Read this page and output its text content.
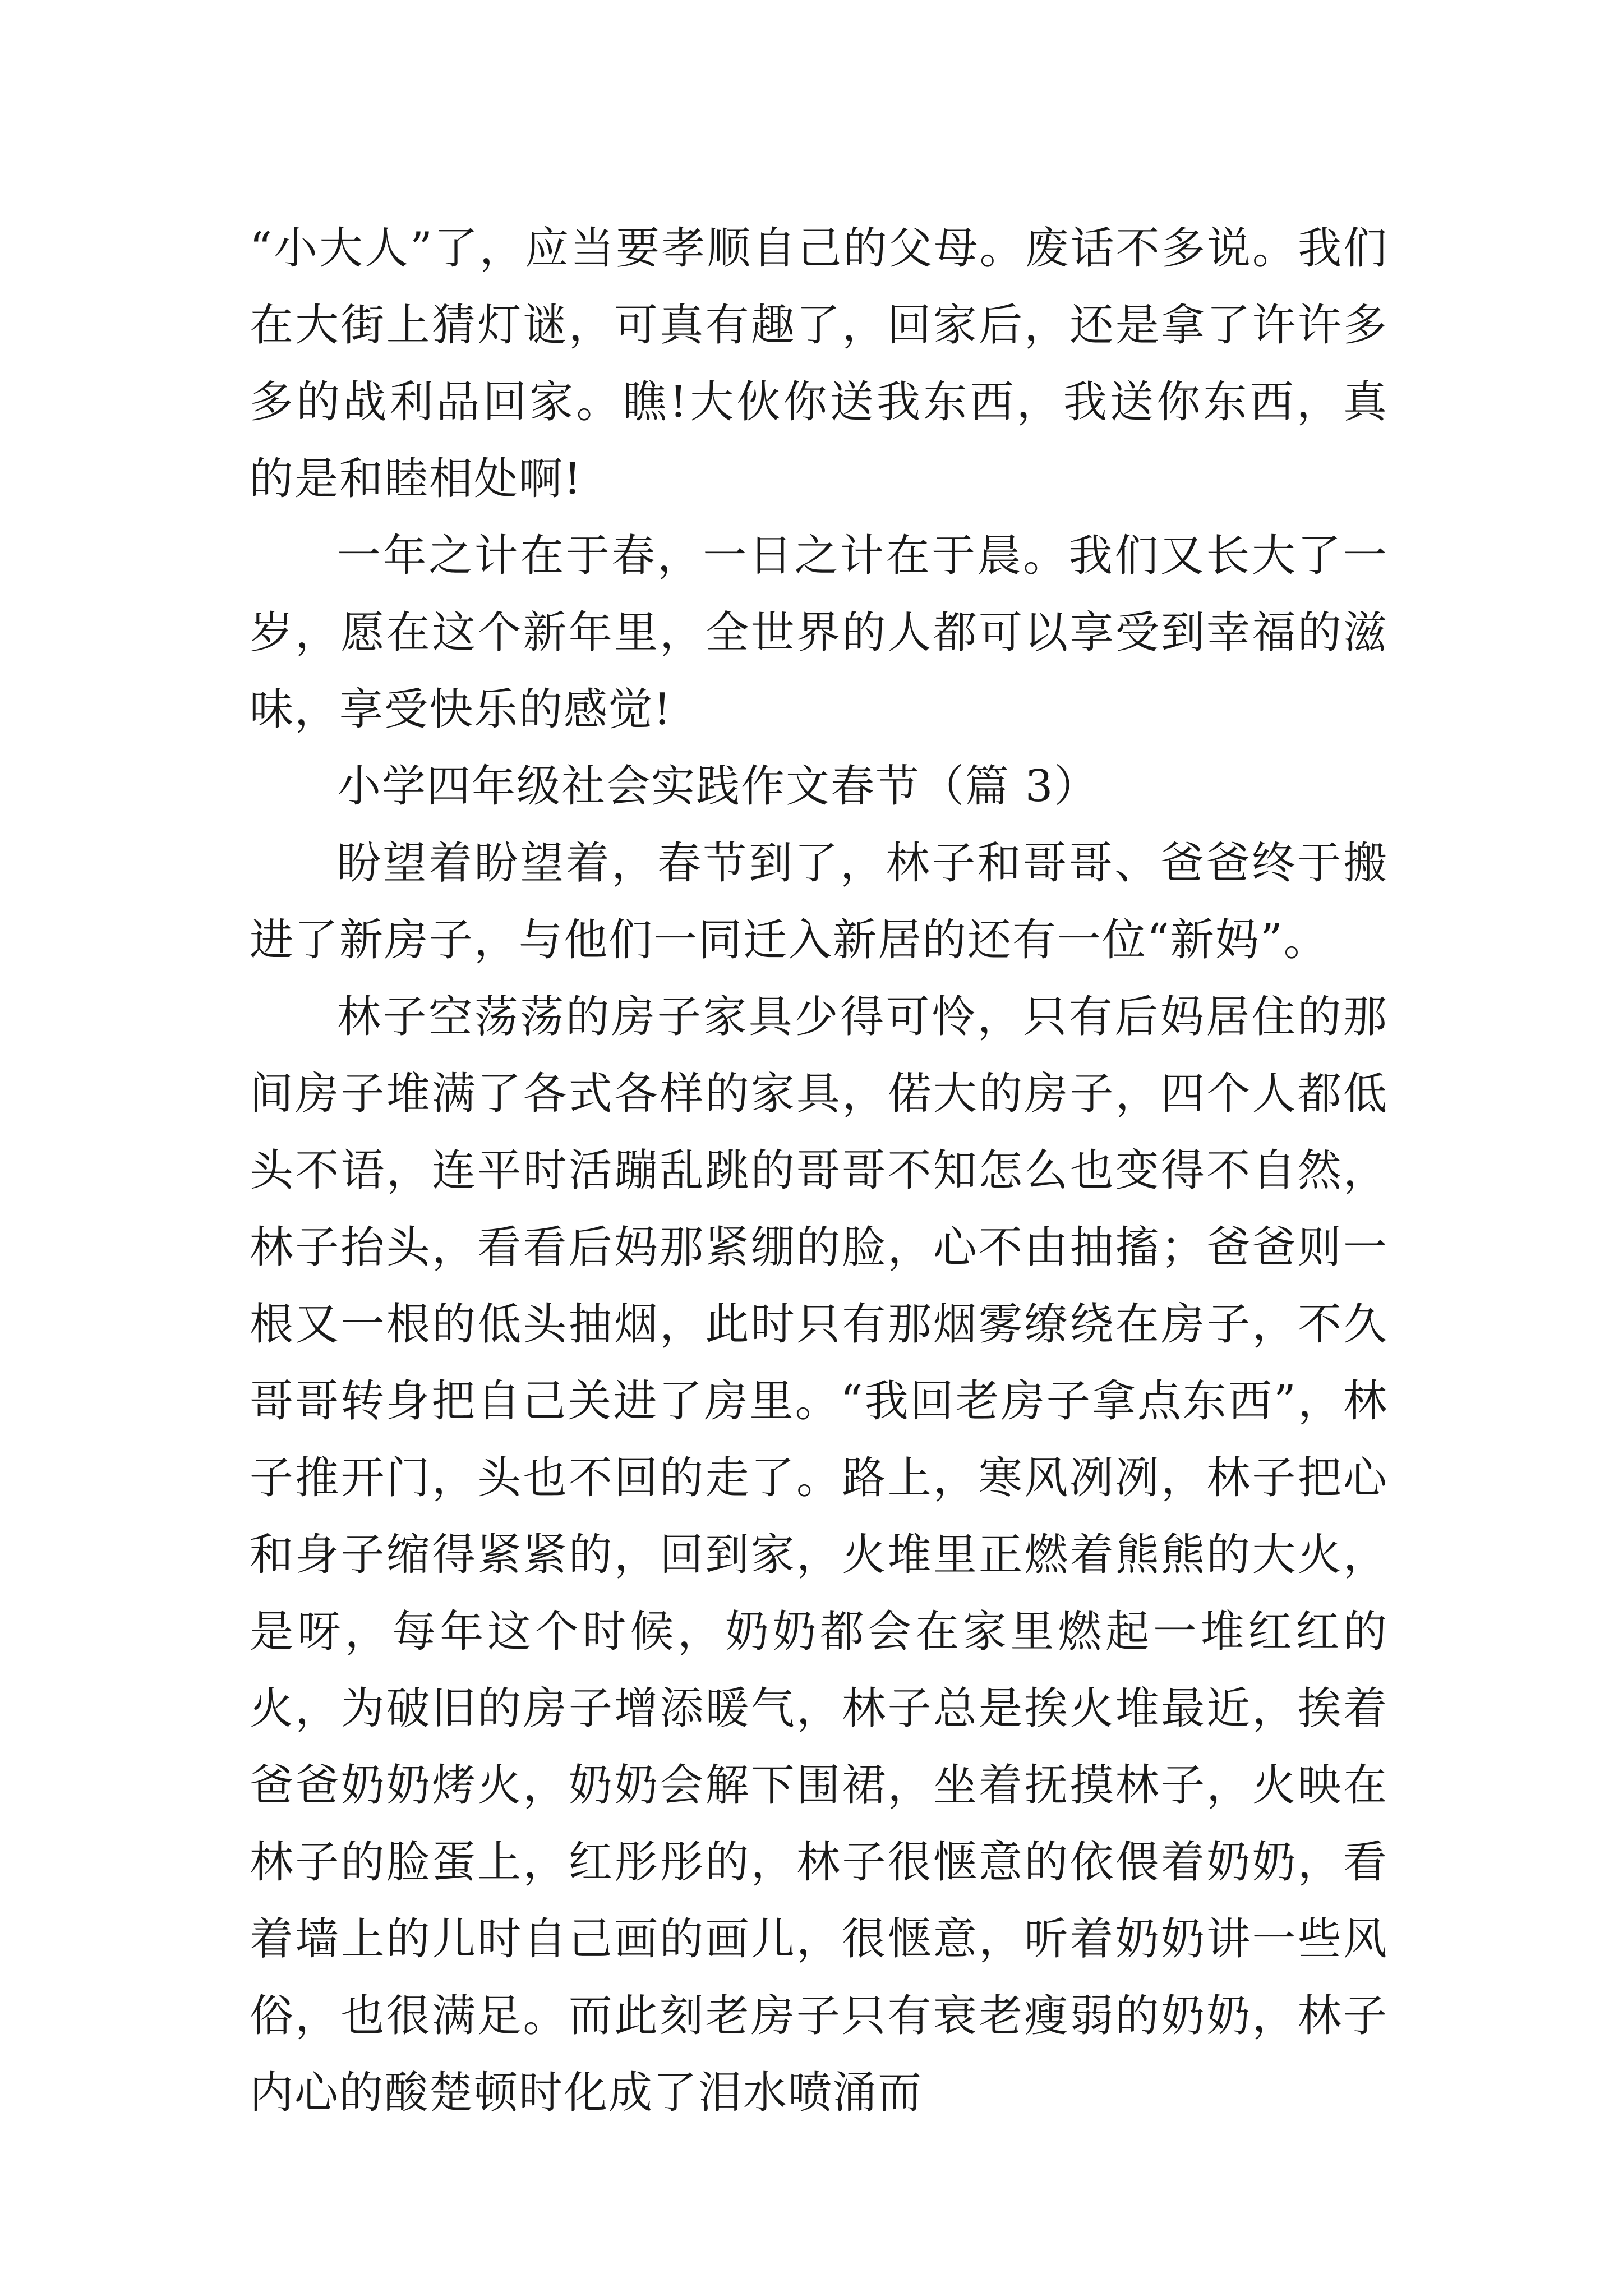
“小大人”了，应当要孝顺自己的父母。废话不多说。我们在大街上猜灯谜，可真有趣了，回家后，还是拿了许许多多的战利品回家。瞧!大伙你送我东西，我送你东西，真的是和睦相处啊!

一年之计在于春，一日之计在于晨。我们又长大了一岁，愿在这个新年里，全世界的人都可以享受到幸福的滋味，享受快乐的感觉!

小学四年级社会实践作文春节（篇 3）

盼望着盼望着，春节到了，林子和哥哥、爸爸终于搬进了新房子，与他们一同迁入新居的还有一位“新妈”。

林子空荡荡的房子家具少得可怜，只有后妈居住的那间房子堆满了各式各样的家具，偌大的房子，四个人都低头不语，连平时活蹦乱跳的哥哥不知怎么也变得不自然，林子抬头，看看后妈那紧绷的脸，心不由抽搐；爸爸则一根又一根的低头抽烟，此时只有那烟雾缭绕在房子，不久哥哥转身把自己关进了房里。“我回老房子拿点东西”，林子推开门，头也不回的走了。路上，寒风冽冽，林子把心和身子缩得紧紧的，回到家，火堆里正燃着熊熊的大火，是呀，每年这个时候，奶奶都会在家里燃起一堆红红的火，为破旧的房子增添暖气，林子总是挨火堆最近，挨着爸爸奶奶烤火，奶奶会解下围裙，坐着抚摸林子，火映在林子的脸蛋上，红彤彤的，林子很惬意的依偎着奶奶，看着墙上的儿时自己画的画儿，很惬意，听着奶奶讲一些风俗，也很满足。而此刻老房子只有衰老瘦弱的奶奶，林子内心的酸楚顿时化成了泪水喷涌而
